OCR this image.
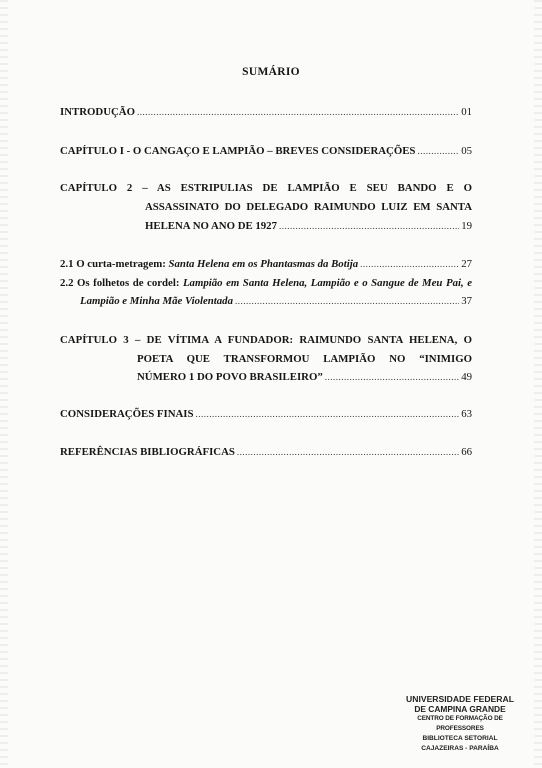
SUMÁRIO
INTRODUÇÃO .....	01
CAPÍTULO I - O CANGAÇO E LAMPIÃO – BREVES CONSIDERAÇÕES .....	05
CAPÍTULO 2 – AS ESTRIPULIAS DE LAMPIÃO E SEU BANDO E O
ASSASSINATO DO DELEGADO RAIMUNDO LUIZ EM SANTA
HELENA NO ANO DE 1927 .....	19
2.1 O curta-metragem: Santa Helena em os Phantasmas da Botija .....	27
2.2 Os folhetos de cordel: Lampião em Santa Helena, Lampião e o Sangue de Meu Pai, e
Lampião e Minha Mãe Violentada .....	37
CAPÍTULO 3 – DE VÍTIMA A FUNDADOR: RAIMUNDO SANTA HELENA, O
POETA QUE TRANSFORMOU LAMPIÃO NO “INIMIGO
NÚMERO 1 DO POVO BRASILEIRO” .....	49
CONSIDERAÇÕES FINAIS .....	63
REFERÊNCIAS BIBLIOGRÁFICAS .....	66
UNIVERSIDADE FEDERAL
DE CAMPINA GRANDE
CENTRO DE FORMAÇÃO DE PROFESSORES
BIBLIOTECA SETORIAL
CAJAZEIRAS - PARAÍBA
